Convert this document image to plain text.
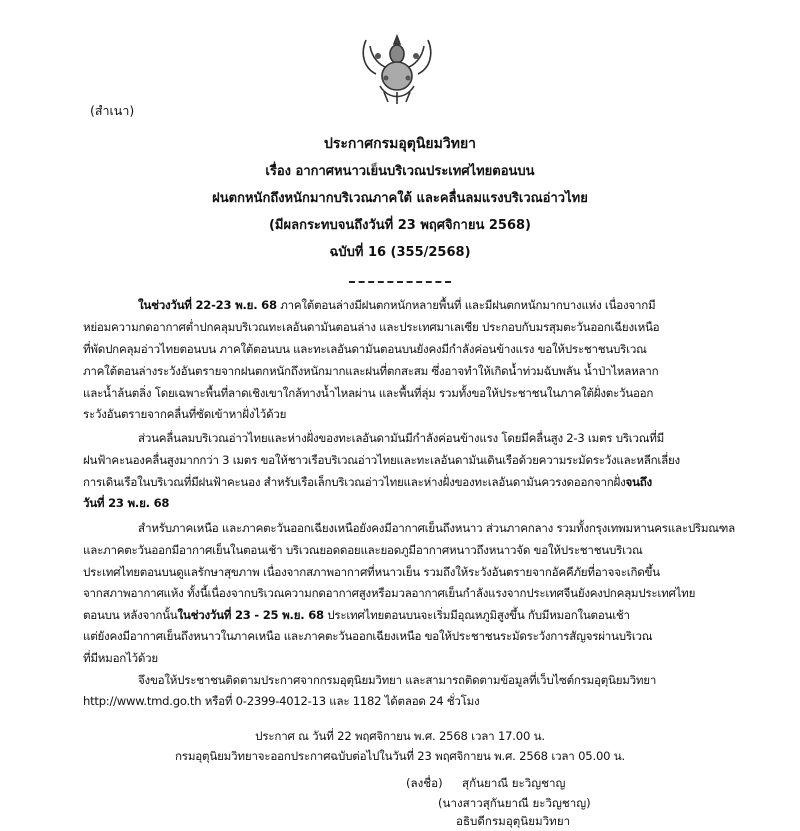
(สำเนา)
ประกาศกรมอุตุนิยมวิทยา
เรื่อง อากาศหนาวเย็นบริเวณประเทศไทยตอนบน
ฝนตกหนักถึงหนักมากบริเวณภาคใต้ และคลื่นลมแรงบริเวณอ่าวไทย
(มีผลกระทบจนถึงวันที่ 23 พฤศจิกายน 2568)
ฉบับที่ 16 (355/2568)
ในช่วงวันที่ 22-23 พ.ย. 68 ภาคใต้ตอนล่างมีฝนตกหนักหลายพื้นที่ และมีฝนตกหนักมากบางแห่ง เนื่องจากมี
หย่อมความกดอากาศต่ำปกคลุมบริเวณทะเลอันดามันตอนล่าง และประเทศมาเลเซีย ประกอบกับมรสุมตะวันออกเฉียงเหนือ
ที่พัดปกคลุมอ่าวไทยตอนบน ภาคใต้ตอนบน และทะเลอันดามันตอนบนยังคงมีกำลังค่อนข้างแรง ขอให้ประชาชนบริเวณ
ภาคใต้ตอนล่างระวังอันตรายจากฝนตกหนักถึงหนักมากและฝนที่ตกสะสม ซึ่งอาจทำให้เกิดน้ำท่วมฉับพลัน น้ำป่าไหลหลาก
และน้ำล้นตลิ่ง โดยเฉพาะพื้นที่ลาดเชิงเขาใกล้ทางน้ำไหลผ่าน และพื้นที่ลุ่ม รวมทั้งขอให้ประชาชนในภาคใต้ฝั่งตะวันออก
ระวังอันตรายจากคลื่นที่ซัดเข้าหาฝั่งไว้ด้วย
ส่วนคลื่นลมบริเวณอ่าวไทยและห่างฝั่งของทะเลอันดามันมีกำลังค่อนข้างแรง โดยมีคลื่นสูง 2-3 เมตร บริเวณที่มี
ฝนฟ้าคะนองคลื่นสูงมากกว่า 3 เมตร ขอให้ชาวเรือบริเวณอ่าวไทยและทะเลอันดามันเดินเรือด้วยความระมัดระวังและหลีกเลี่ยง
การเดินเรือในบริเวณที่มีฝนฟ้าคะนอง สำหรับเรือเล็กบริเวณอ่าวไทยและห่างฝั่งของทะเลอันดามันควรงดออกจากฝั่งจนถึง
วันที่ 23 พ.ย. 68
สำหรับภาคเหนือ และภาคตะวันออกเฉียงเหนือยังคงมีอากาศเย็นถึงหนาว ส่วนภาคกลาง รวมทั้งกรุงเทพมหานครและปริมณฑล
และภาคตะวันออกมีอากาศเย็นในตอนเช้า บริเวณยอดดอยและยอดภูมีอากาศหนาวถึงหนาวจัด ขอให้ประชาชนบริเวณ
ประเทศไทยตอนบนดูแลรักษาสุขภาพ เนื่องจากสภาพอากาศที่หนาวเย็น รวมถึงให้ระวังอันตรายจากอัคคีภัยที่อาจจะเกิดขึ้น
จากสภาพอากาศแห้ง ทั้งนี้เนื่องจากบริเวณความกดอากาศสูงหรือมวลอากาศเย็นกำลังแรงจากประเทศจีนยังคงปกคลุมประเทศไทย
ตอนบน หลังจากนั้นในช่วงวันที่ 23 - 25 พ.ย. 68 ประเทศไทยตอนบนจะเริ่มมีอุณหภูมิสูงขึ้น กับมีหมอกในตอนเช้า
แต่ยังคงมีอากาศเย็นถึงหนาวในภาคเหนือ และภาคตะวันออกเฉียงเหนือ ขอให้ประชาชนระมัดระวังการสัญจรผ่านบริเวณ
ที่มีหมอกไว้ด้วย
จึงขอให้ประชาชนติดตามประกาศจากกรมอุตุนิยมวิทยา และสามารถติดตามข้อมูลที่เว็บไซต์กรมอุตุนิยมวิทยา
http://www.tmd.go.th หรือที่ 0-2399-4012-13 และ 1182 ได้ตลอด 24 ชั่วโมง
ประกาศ ณ วันที่ 22 พฤศจิกายน พ.ศ. 2568 เวลา 17.00 น.
กรมอุตุนิยมวิทยาจะออกประกาศฉบับต่อไปในวันที่ 23 พฤศจิกายน พ.ศ. 2568 เวลา 05.00 น.
(ลงชื่อ) สุกันยาณี ยะวิญชาญ
(นางสาวสุกันยาณี ยะวิญชาญ)
อธิบดีกรมอุตุนิยมวิทยา
